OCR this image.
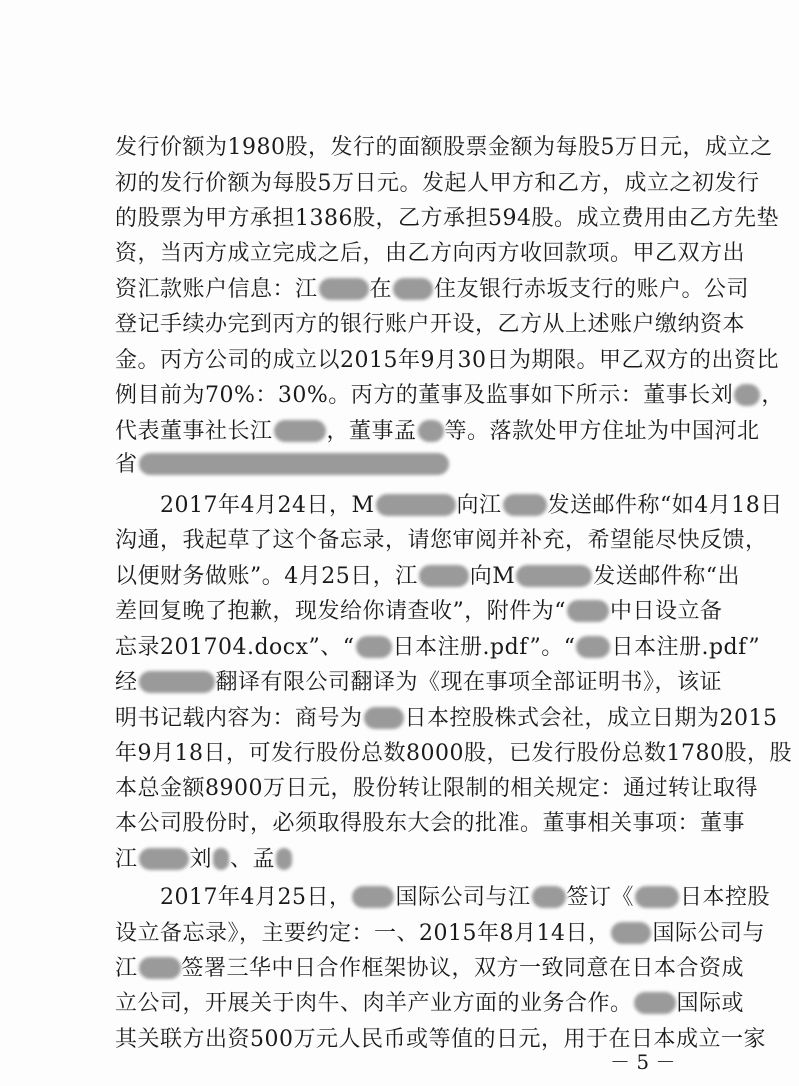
发行价额为1980股，发行的面额股票金额为每股5万日元，成立之
初的发行价额为每股5万日元。发起人甲方和乙方，成立之初发行
的股票为甲方承担1386股，乙方承担594股。成立费用由乙方先垫
资，当丙方成立完成之后，由乙方向丙方收回款项。甲乙双方出
资汇款账户信息：江 在 住友银行赤坂支行的账户。公司
登记手续办完到丙方的银行账户开设，乙方从上述账户缴纳资本
金。丙方公司的成立以2015年9月30日为期限。甲乙双方的出资比
例目前为70%：30%。丙方的董事及监事如下所示：董事长刘 ，
代表董事社长江 ，董事孟 等。落款处甲方住址为中国河北
省
2017年4月24日，M	向江 发送邮件称“如4月18日
沟通，我起草了这个备忘录，请您审阅并补充，希望能尽快反馈，
以便财务做账”。4月25日，江 向M	发送邮件称“出
差回复晚了抱歉，现发给你请查收”，附件为“ 中日设立备
忘录201704.docx”、“ 日本注册.pdf”。“ 日本注册.pdf”
经	翻译有限公司翻译为《现在事项全部证明书》，该证
明书记载内容为：商号为 日本控股株式会社，成立日期为2015
年9月18日，可发行股份总数8000股，已发行股份总数1780股，股
本总金额8900万日元，股份转让限制的相关规定：通过转让取得
本公司股份时，必须取得股东大会的批准。董事相关事项：董事
江 刘 、孟
2017年4月25日， 国际公司与江 签订《 日本控股
设立备忘录》，主要约定：一、2015年8月14日， 国际公司与
江 签署三华中日合作框架协议，双方一致同意在日本合资成
立公司，开展关于肉牛、肉羊产业方面的业务合作。 国际或
其关联方出资500万元人民币或等值的日元，用于在日本成立一家
－ 5 －
